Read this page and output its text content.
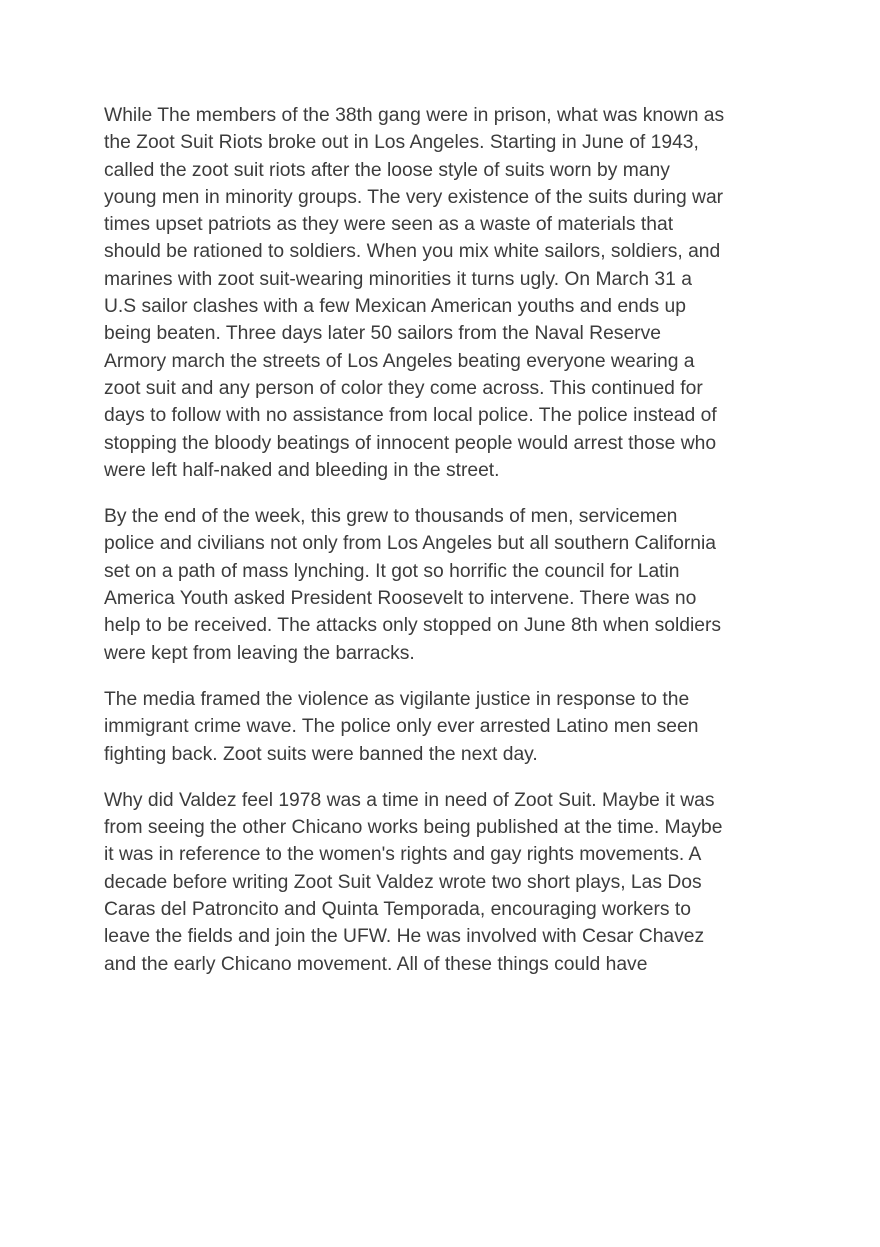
While The members of the 38th gang were in prison, what was known as
the Zoot Suit Riots broke out in Los Angeles. Starting in June of 1943,
called the zoot suit riots after the loose style of suits worn by many
young men in minority groups. The very existence of the suits during war
times upset patriots as they were seen as a waste of materials that
should be rationed to soldiers. When you mix white sailors, soldiers, and
marines with zoot suit-wearing minorities it turns ugly. On March 31 a
U.S sailor clashes with a few Mexican American youths and ends up
being beaten. Three days later 50 sailors from the Naval Reserve
Armory march the streets of Los Angeles beating everyone wearing a
zoot suit and any person of color they come across. This continued for
days to follow with no assistance from local police. The police instead of
stopping the bloody beatings of innocent people would arrest those who
were left half-naked and bleeding in the street.

By the end of the week, this grew to thousands of men, servicemen
police and civilians not only from Los Angeles but all southern California
set on a path of mass lynching. It got so horrific the council for Latin
America Youth asked President Roosevelt to intervene. There was no
help to be received. The attacks only stopped on June 8th when soldiers
were kept from leaving the barracks.

The media framed the violence as vigilante justice in response to the
immigrant crime wave. The police only ever arrested Latino men seen
fighting back. Zoot suits were banned the next day.

Why did Valdez feel 1978 was a time in need of Zoot Suit. Maybe it was
from seeing the other Chicano works being published at the time. Maybe
it was in reference to the women's rights and gay rights movements. A
decade before writing Zoot Suit Valdez wrote two short plays, Las Dos
Caras del Patroncito and Quinta Temporada, encouraging workers to
leave the fields and join the UFW. He was involved with Cesar Chavez
and the early Chicano movement. All of these things could have
